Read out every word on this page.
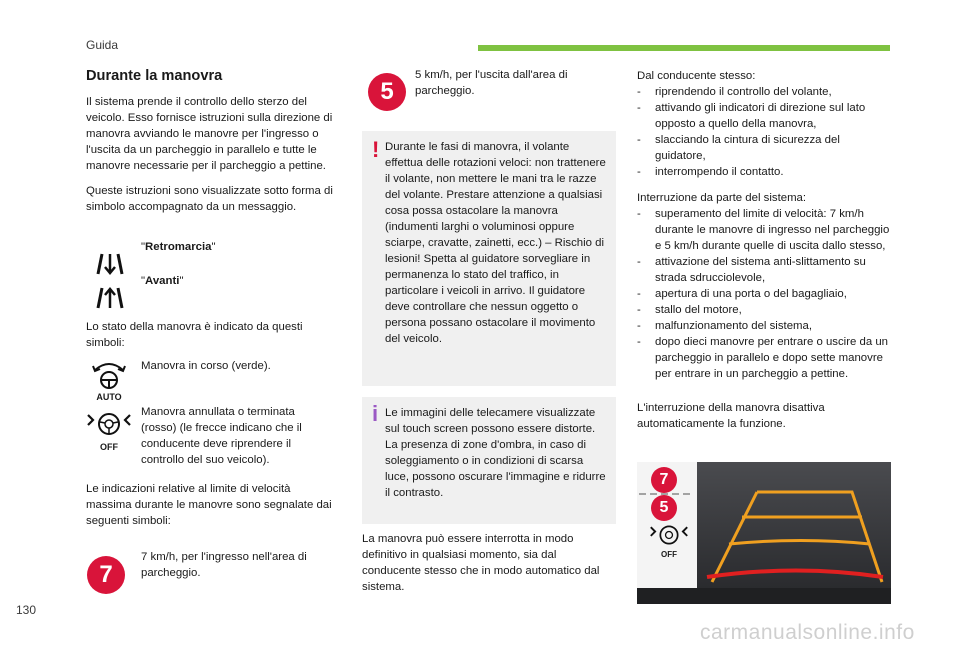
Guida
Durante la manovra

Il sistema prende il controllo dello sterzo del veicolo. Esso fornisce istruzioni sulla direzione di manovra avviando le manovre per l'ingresso o l'uscita da un parcheggio in parallelo e tutte le manovre necessarie per il parcheggio a pettine.

Queste istruzioni sono visualizzate sotto forma di simbolo accompagnato da un messaggio.

"Retromarcia"
"Avanti"

Lo stato della manovra è indicato da questi simboli:

AUTO
Manovra in corso (verde).
OFF
Manovra annullata o terminata (rosso) (le frecce indicano che il conducente deve riprendere il controllo del suo veicolo).

Le indicazioni relative al limite di velocità massima durante le manovre sono segnalate dai seguenti simboli:

7
7 km/h, per l'ingresso nell'area di parcheggio.
5
5 km/h, per l'uscita dall'area di parcheggio.
! Durante le fasi di manovra, il volante effettua delle rotazioni veloci: non trattenere il volante, non mettere le mani tra le razze del volante. Prestare attenzione a qualsiasi cosa possa ostacolare la manovra (indumenti larghi o voluminosi oppure sciarpe, cravatte, zainetti, ecc.) – Rischio di lesioni! Spetta al guidatore sorvegliare in permanenza lo stato del traffico, in particolare i veicoli in arrivo. Il guidatore deve controllare che nessun oggetto o persona possano ostacolare il movimento del veicolo.

i Le immagini delle telecamere visualizzate sul touch screen possono essere distorte. La presenza di zone d'ombra, in caso di soleggiamento o in condizioni di scarsa luce, possono oscurare l'immagine e ridurre il contrasto.

La manovra può essere interrotta in modo definitivo in qualsiasi momento, sia dal conducente stesso che in modo automatico dal sistema.

Dal conducente stesso:

- riprendendo il controllo del volante,
- attivando gli indicatori di direzione sul lato opposto a quello della manovra,
- slacciando la cintura di sicurezza del guidatore,
- interrompendo il contatto.

Interruzione da parte del sistema:

- superamento del limite di velocità: 7 km/h durante le manovre di ingresso nel parcheggio e 5 km/h durante quelle di uscita dallo stesso,
- attivazione del sistema anti-slittamento su strada sdrucciolevole,
- apertura di una porta o del bagagliaio,
- stallo del motore,
- malfunzionamento del sistema,
- dopo dieci manovre per entrare o uscire da un parcheggio in parallelo e dopo sette manovre per entrare in un parcheggio a pettine.

L'interruzione della manovra disattiva automaticamente la funzione.

7
5
OFF
130
carmanualsonline.info
